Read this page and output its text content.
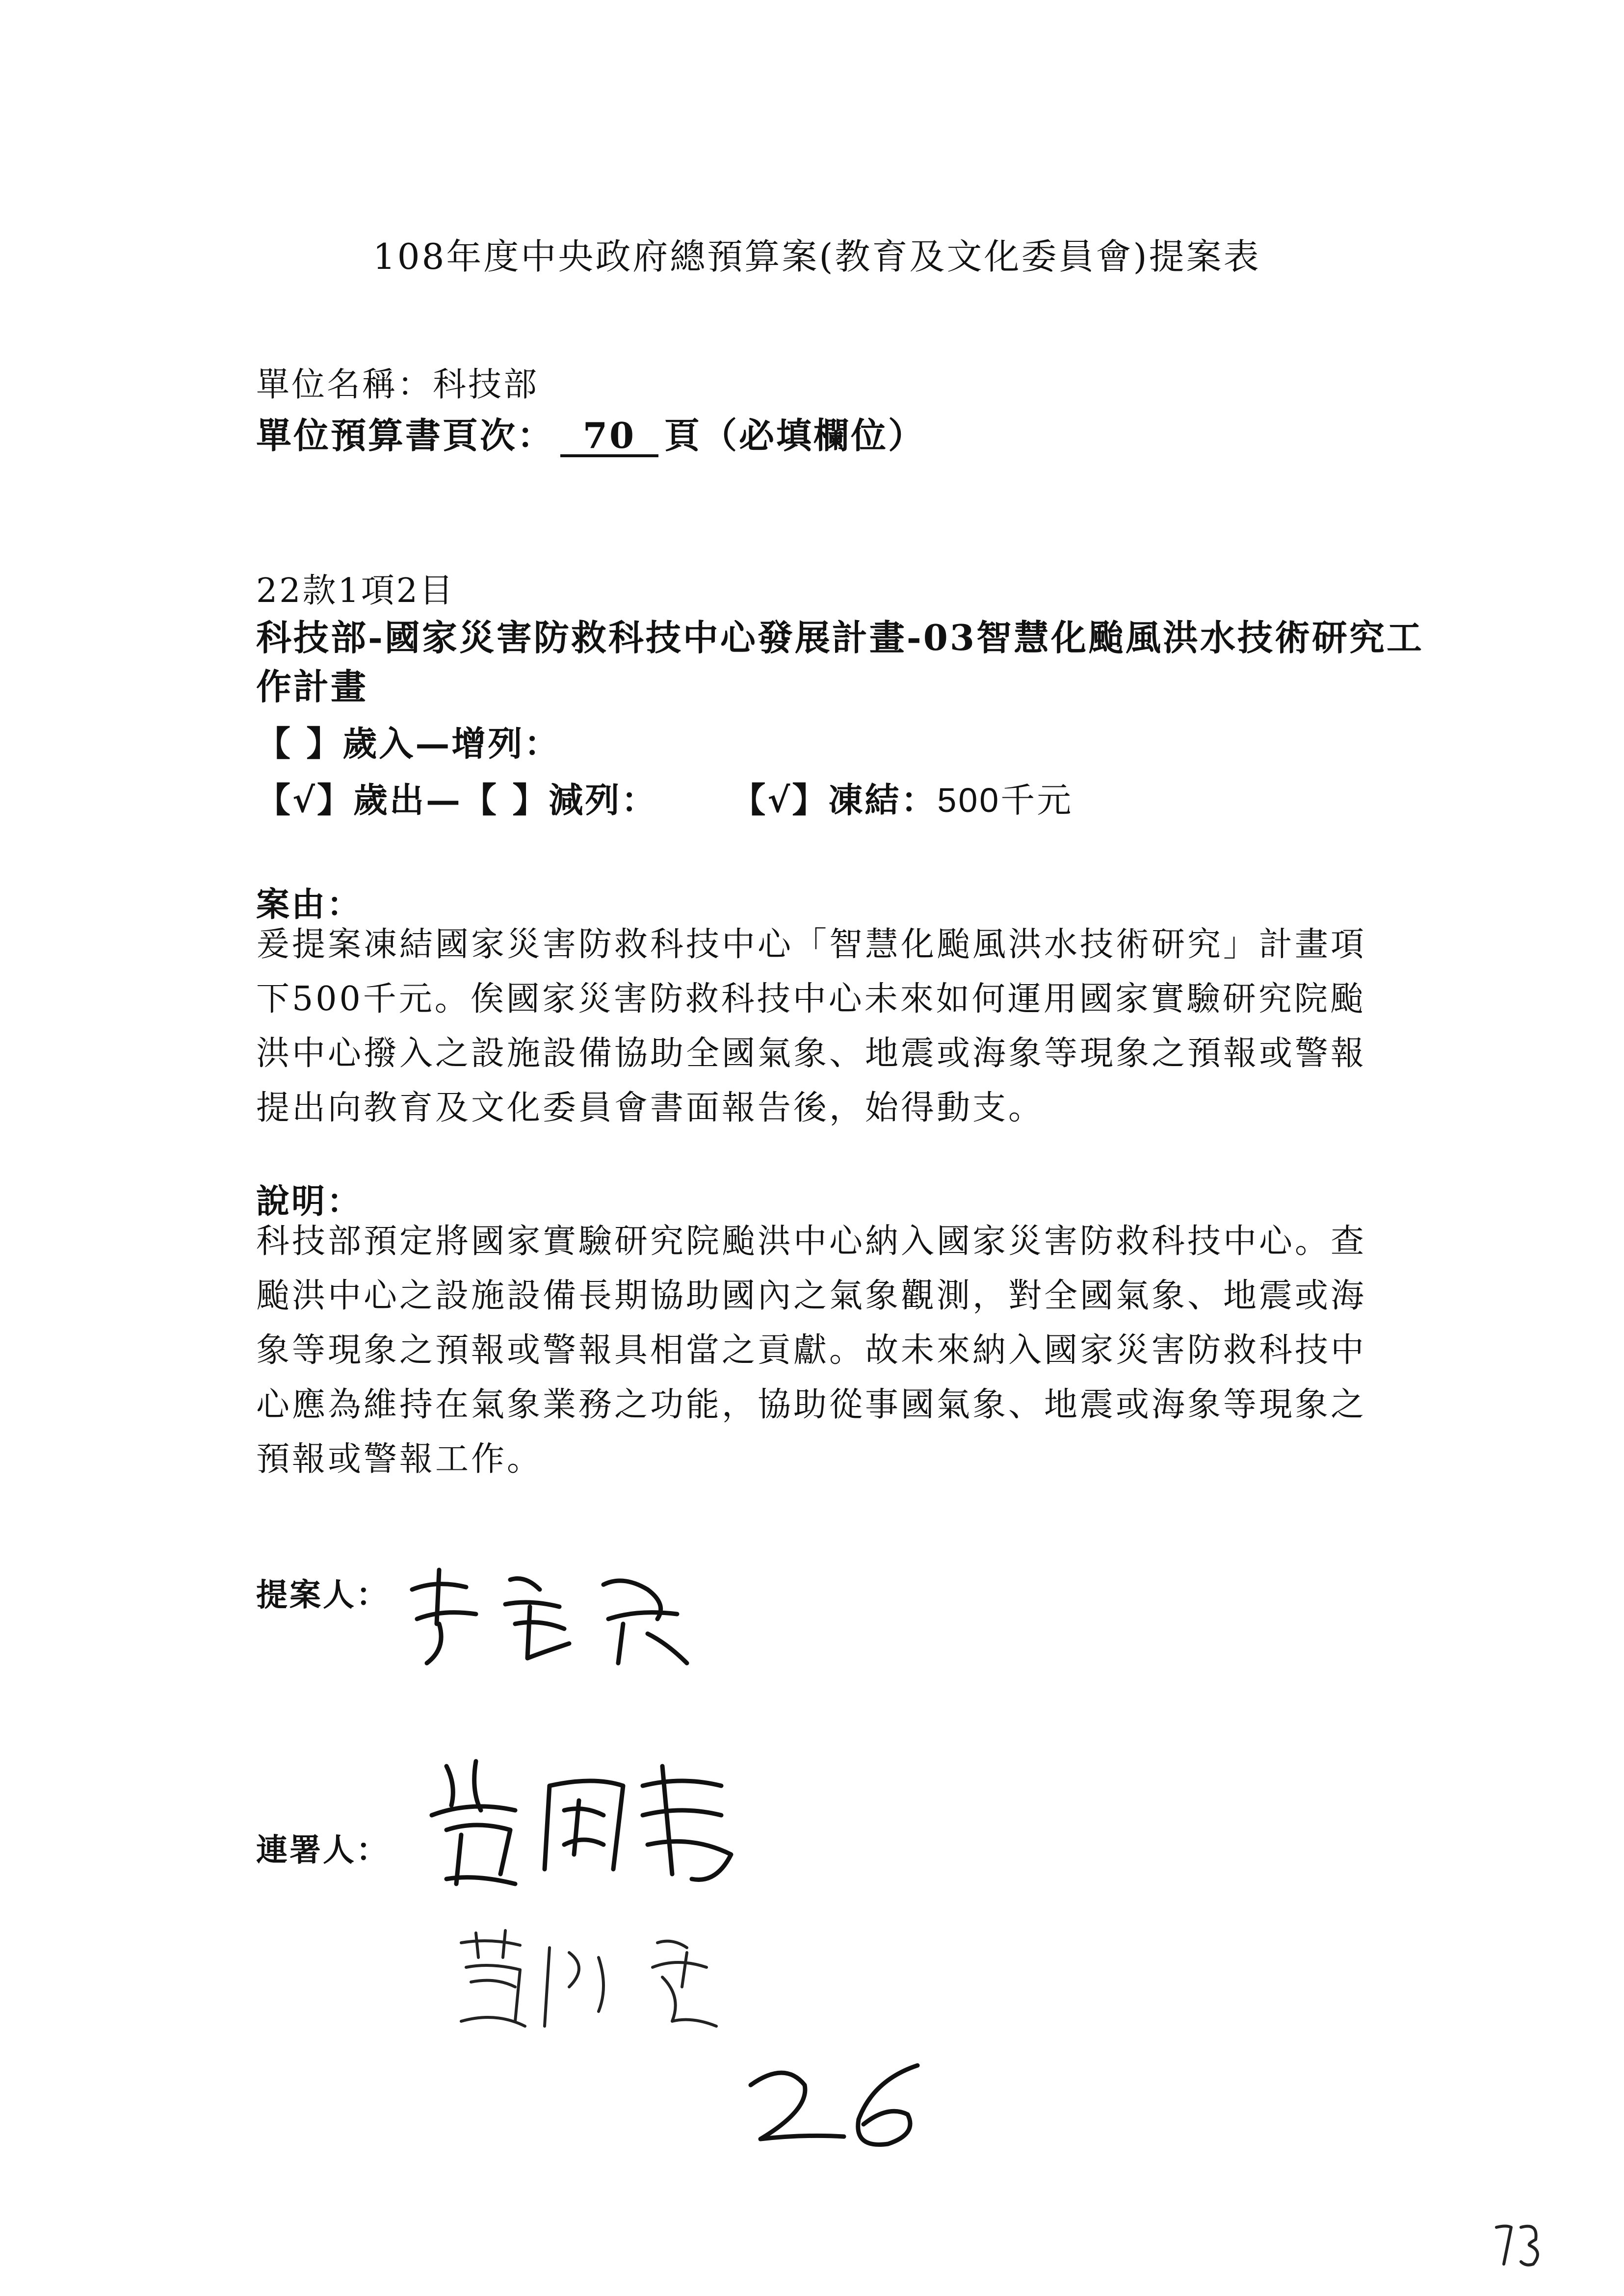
108年度中央政府總預算案(教育及文化委員會)提案表
單位名稱：科技部
單位預算書頁次： 70 頁（必填欄位）
22款1項2目
科技部-國家災害防救科技中心發展計畫-03智慧化颱風洪水技術研究工作計畫
【 】歲入—增列：
【√】歲出—【 】減列： 【√】凍結：500千元
案由：
爰提案凍結國家災害防救科技中心「智慧化颱風洪水技術研究」計畫項下500千元。俟國家災害防救科技中心未來如何運用國家實驗研究院颱洪中心撥入之設施設備協助全國氣象、地震或海象等現象之預報或警報提出向教育及文化委員會書面報告後，始得動支。
說明：
科技部預定將國家實驗研究院颱洪中心納入國家災害防救科技中心。查颱洪中心之設施設備長期協助國內之氣象觀測，對全國氣象、地震或海象等現象之預報或警報具相當之貢獻。故未來納入國家災害防救科技中心應為維持在氣象業務之功能，協助從事國氣象、地震或海象等現象之預報或警報工作。
提案人：
連署人：
